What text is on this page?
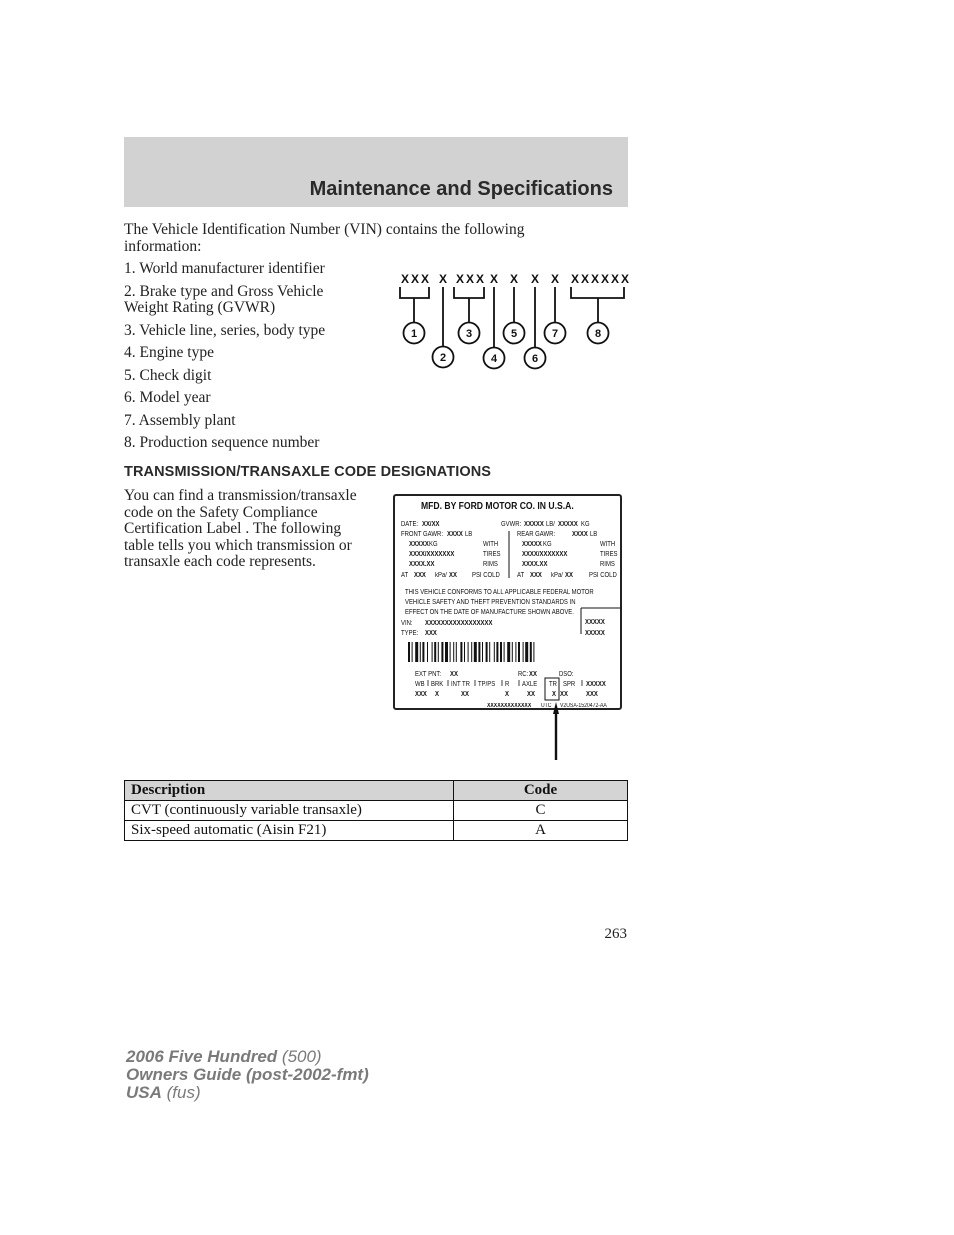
Maintenance and Specifications

The Vehicle Identification Number (VIN) contains the following information:

1. World manufacturer identifier
2. Brake type and Gross Vehicle Weight Rating (GVWR)
3. Vehicle line, series, body type
4. Engine type
5. Check digit
6. Model year
7. Assembly plant
8. Production sequence number
XXX X XXX X X X X XXXXXX
1
2
3
4
5
6
7	8
TRANSMISSION/TRANSAXLE CODE DESIGNATIONS

You can find a transmission/transaxle code on the Safety Compliance Certification Label . The following table tells you which transmission or transaxle each code represents.

MFD. BY FORD MOTOR CO. IN U.S.A.
DATE: XX/XX	GVWR: XXXXX LB/ XXXXX KG
FRONT GAWR: XXXX LB	REAR GAWR: XXXX LB
XXXXX KG	WITH	XXXXX KG	WITH
XXXX/XXXXXXX	TIRES	XXXX/XXXXXXX	TIRES
XXXX.XX	RIMS	XXXX.XX	RIMS
AT XXX kPa/ XX PSI COLD AT XXX kPa/ XX PSI COLD
THIS VEHICLE CONFORMS TO ALL APPLICABLE FEDERAL MOTOR
VEHICLE SAFETY AND THEFT PREVENTION STANDARDS IN
EFFECT ON THE DATE OF MANUFACTURE SHOWN ABOVE.
VIN: XXXXXXXXXXXXXXXXX	XXXXX
TYPE: XXX	XXXXX
EXT PNT: XX	RC: XX	DSO:
WB BRK INT TR TP/PS R AXLE TR SPR XXXXX
XXX X	XX	X	XX X XX	XXX
XXXXXXXXXXXXX UTC V2USA-1520472-AA
Description	Code
CVT (continuously variable transaxle)	C
Six-speed automatic (Aisin F21)	A

263

2006 Five Hundred (500)
Owners Guide (post-2002-fmt)
USA (fus)
